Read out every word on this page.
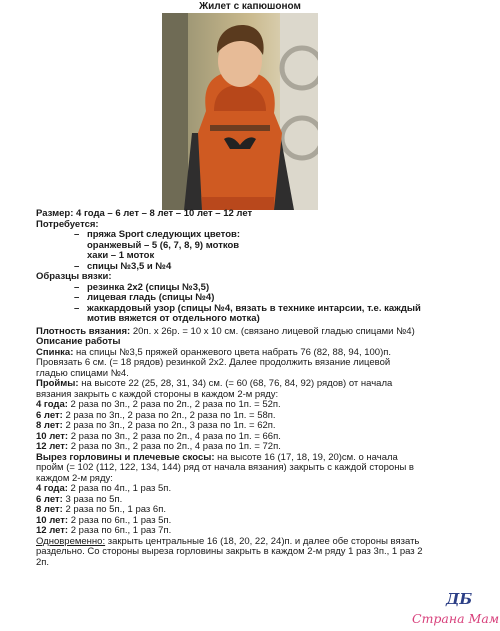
Жилет с капюшоном

Размер: 4 года – 6 лет – 8 лет – 10 лет – 12 лет

Потребуется:

– пряжа Sport следующих цветов:

оранжевый – 5 (6, 7, 8, 9) мотков

хаки – 1 моток

– спицы №3,5 и №4

Образцы вязки:

– резинка 2х2 (спицы №3,5)

– лицевая гладь (спицы №4)

– жаккардовый узор (спицы №4, вязать в технике интарсии, т.е. каждый

мотив вяжется от отдельного мотка)

Плотность вязания: 20п. х 26р. = 10 х 10 см. (связано лицевой гладью спицами №4)

Описание работы

Спинка: на спицы №3,5 пряжей оранжевого цвета набрать 76 (82, 88, 94, 100)п.

Провязать 6 см. (= 18 рядов) резинкой 2х2. Далее продолжить вязание лицевой

гладью спицами №4.

Проймы: на высоте 22 (25, 28, 31, 34) см. (= 60 (68, 76, 84, 92) рядов) от начала

вязания закрыть с каждой стороны в каждом 2-м ряду:

4 года: 2 раза по 3п., 2 раза по 2п., 2 раза по 1п. = 52п.

6 лет: 2 раза по 3п., 2 раза по 2п., 2 раза по 1п. = 58п.

8 лет: 2 раза по 3п., 2 раза по 2п., 3 раза по 1п. = 62п.

10 лет: 2 раза по 3п., 2 раза по 2п., 4 раза по 1п. = 66п.

12 лет: 2 раза по 3п., 2 раза по 2п., 4 раза по 1п. = 72п.

Вырез горловины и плечевые скосы: на высоте 16 (17, 18, 19, 20)см. о начала

пройм (= 102 (112, 122, 134, 144) ряд от начала вязания) закрыть с каждой стороны в

каждом 2-м ряду:

4 года: 2 раза по 4п., 1 раз 5п.

6 лет: 3 раза по 5п.

8 лет: 2 раза по 5п., 1 раз 6п.

10 лет: 2 раза по 6п., 1 раз 5п.

12 лет: 2 раза по 6п., 1 раз 7п.

Одновременно: закрыть центральные 16 (18, 20, 22, 24)п. и далее обе стороны вязать

раздельно. Со стороны выреза горловины закрыть в каждом 2-м ряду 1 раз 3п., 1 раз 2

2п.

ДБ
Страна Мам
